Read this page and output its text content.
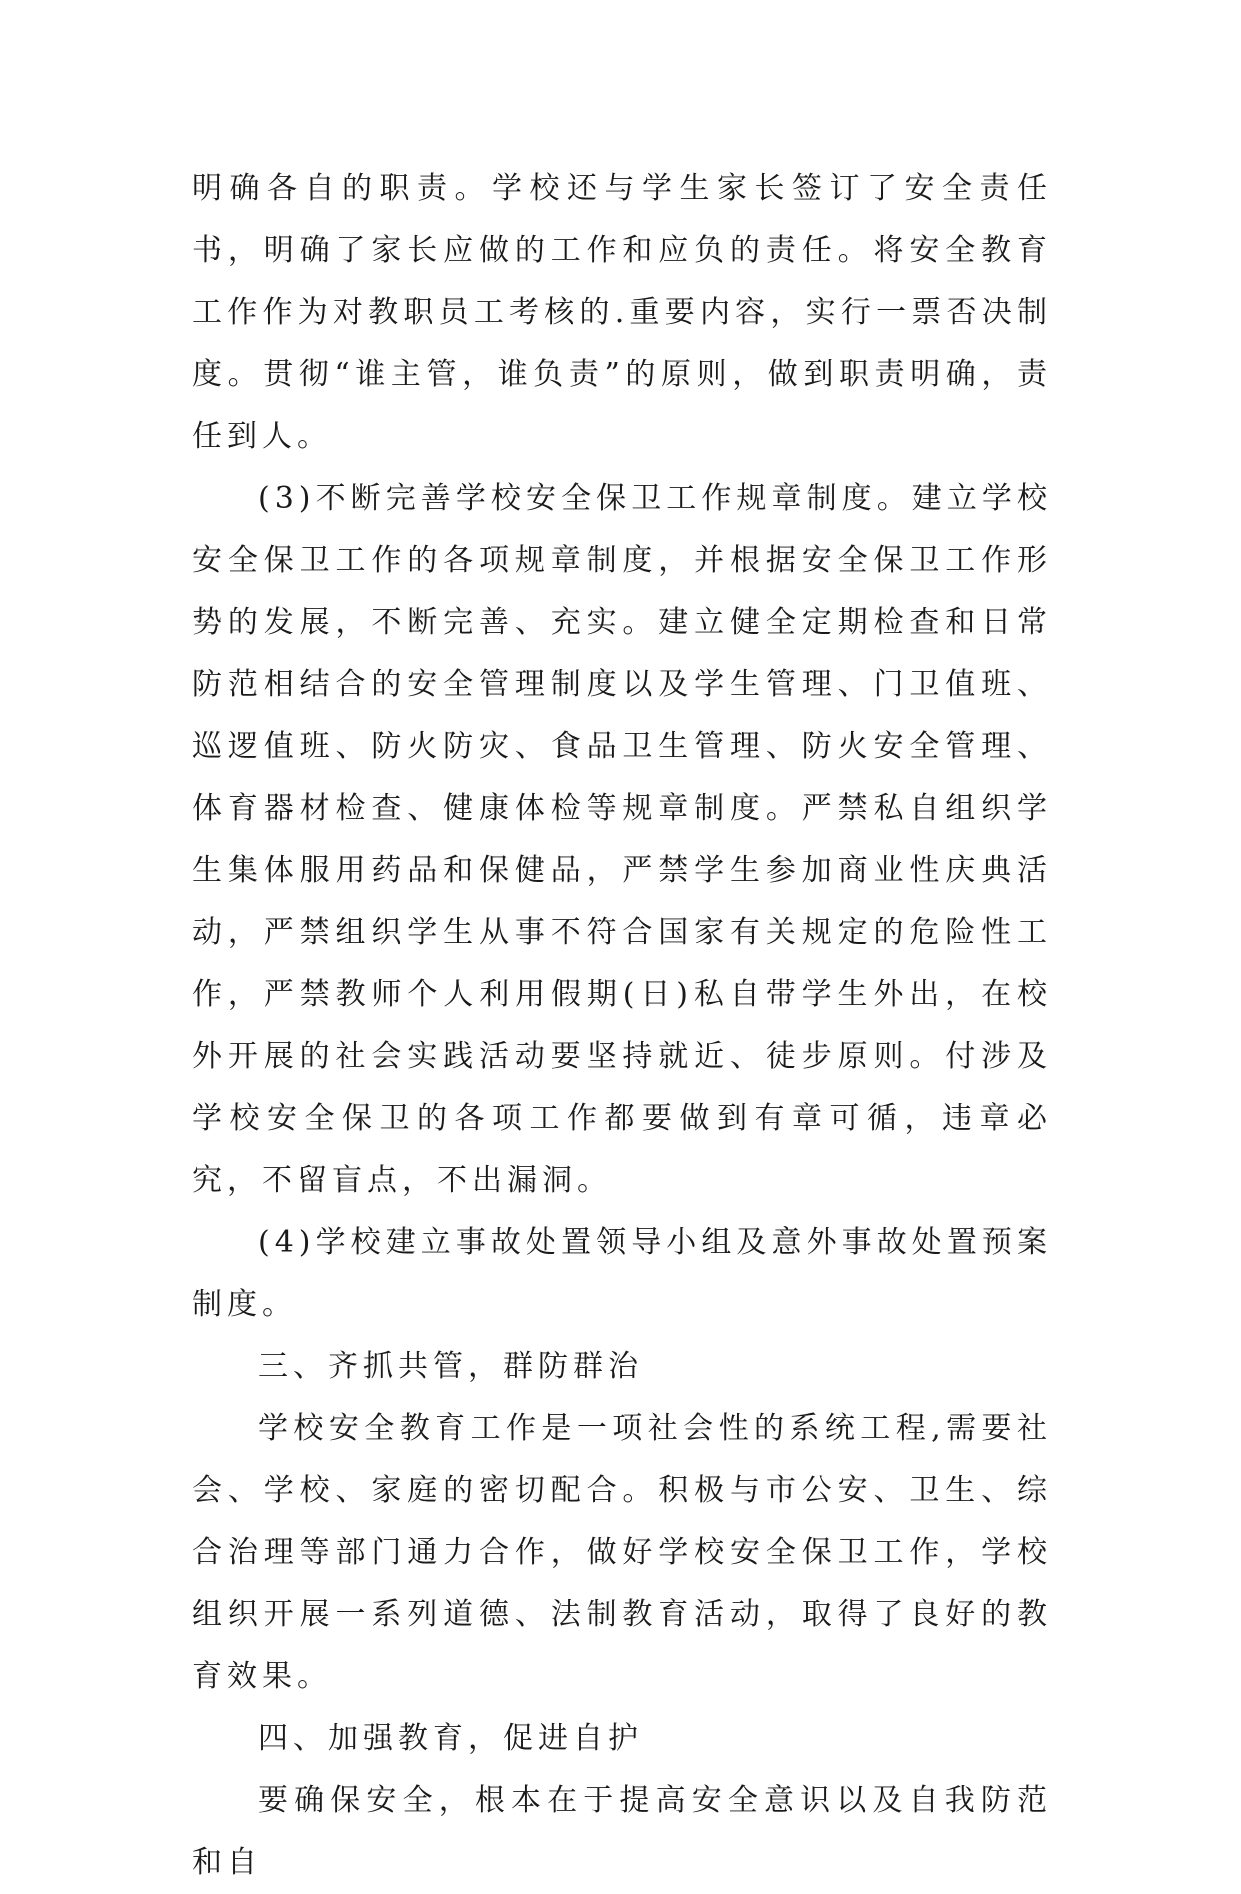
明确各自的职责。学校还与学生家长签订了安全责任书，明确了家长应做的工作和应负的责任。将安全教育工作作为对教职员工考核的.重要内容，实行一票否决制度。贯彻“谁主管，谁负责”的原则，做到职责明确，责任到人。

(3)不断完善学校安全保卫工作规章制度。建立学校安全保卫工作的各项规章制度，并根据安全保卫工作形势的发展，不断完善、充实。建立健全定期检查和日常防范相结合的安全管理制度以及学生管理、门卫值班、巡逻值班、防火防灾、食品卫生管理、防火安全管理、体育器材检查、健康体检等规章制度。严禁私自组织学生集体服用药品和保健品，严禁学生参加商业性庆典活动，严禁组织学生从事不符合国家有关规定的危险性工作，严禁教师个人利用假期(日)私自带学生外出，在校外开展的社会实践活动要坚持就近、徒步原则。付涉及学校安全保卫的各项工作都要做到有章可循，违章必究，不留盲点，不出漏洞。

(4)学校建立事故处置领导小组及意外事故处置预案制度。

三、齐抓共管，群防群治

学校安全教育工作是一项社会性的系统工程,需要社会、学校、家庭的密切配合。积极与市公安、卫生、综合治理等部门通力合作，做好学校安全保卫工作，学校组织开展一系列道德、法制教育活动，取得了良好的教育效果。

四、加强教育，促进自护

要确保安全，根本在于提高安全意识以及自我防范和自
